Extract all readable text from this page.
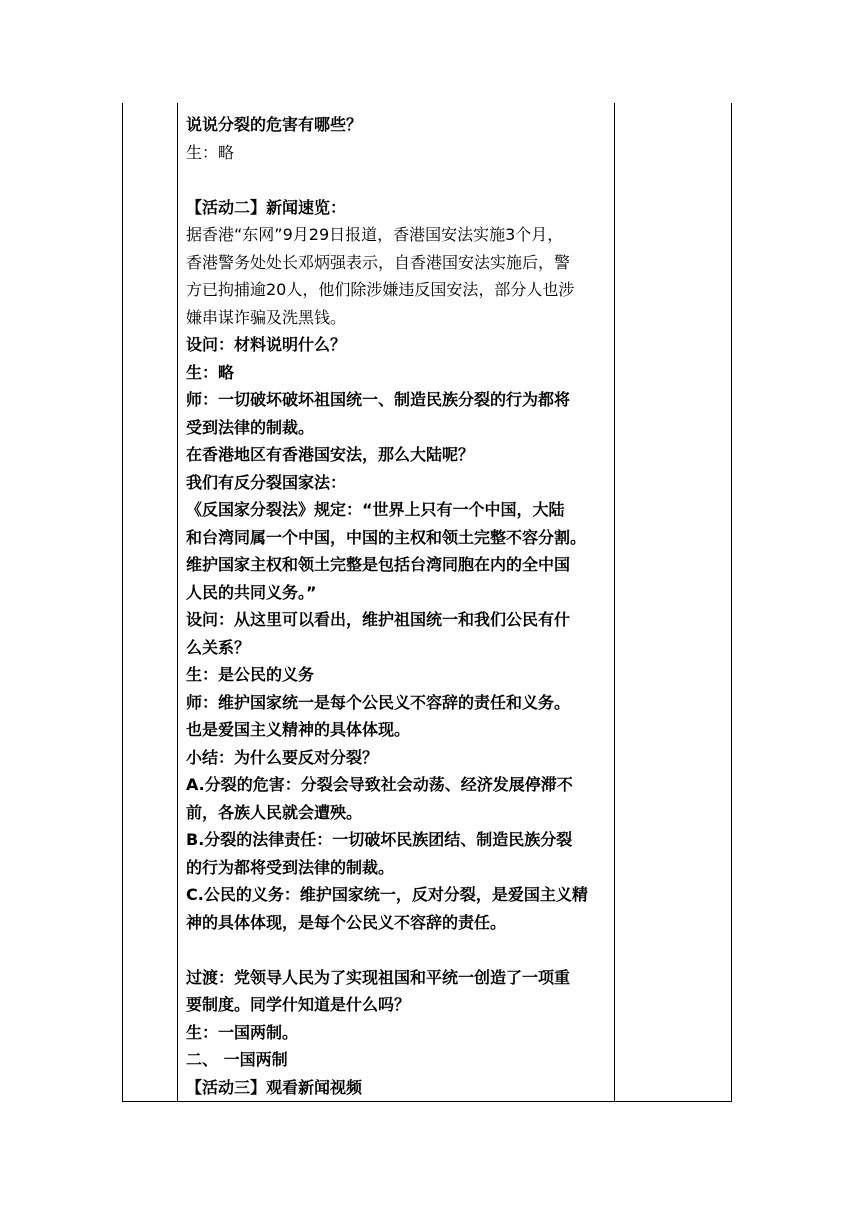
说说分裂的危害有哪些？
生：略
【活动二】新闻速览：
据香港“东网”9月29日报道，香港国安法实施3个月，
香港警务处处长邓炳强表示，自香港国安法实施后，警
方已拘捕逾20人，他们除涉嫌违反国安法，部分人也涉
嫌串谋诈骗及洗黑钱。
设问：材料说明什么？
生：略
师：一切破坏破坏祖国统一、制造民族分裂的行为都将
受到法律的制裁。
在香港地区有香港国安法，那么大陆呢？
我们有反分裂国家法：
《反国家分裂法》规定：“世界上只有一个中国，大陆
和台湾同属一个中国，中国的主权和领土完整不容分割。
维护国家主权和领土完整是包括台湾同胞在内的全中国
人民的共同义务。”
设问：从这里可以看出，维护祖国统一和我们公民有什
么关系？
生：是公民的义务
师：维护国家统一是每个公民义不容辞的责任和义务。
也是爱国主义精神的具体体现。
小结：为什么要反对分裂？
A.分裂的危害：分裂会导致社会动荡、经济发展停滞不
前，各族人民就会遭殃。
B.分裂的法律责任：一切破坏民族团结、制造民族分裂
的行为都将受到法律的制裁。
C.公民的义务：维护国家统一，反对分裂，是爱国主义精
神的具体体现，是每个公民义不容辞的责任。
过渡：党领导人民为了实现祖国和平统一创造了一项重
要制度。同学什知道是什么吗？
生：一国两制。
二、 一国两制
【活动三】观看新闻视频
